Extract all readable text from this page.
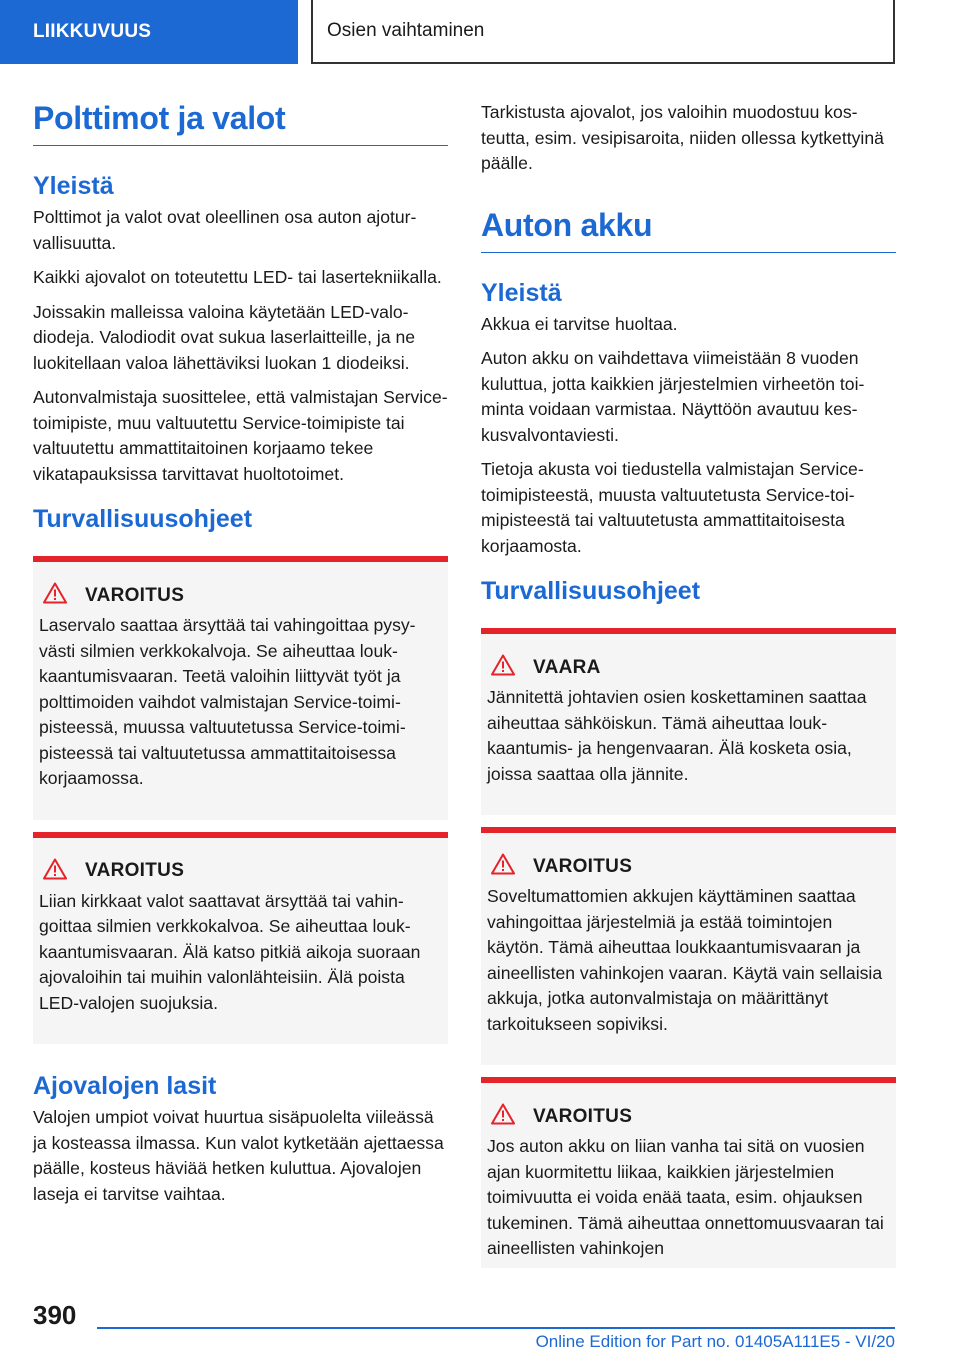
LIIKKUVUUS	Osien vaihtaminen
Polttimot ja valot
Yleistä

Polttimot ja valot ovat oleellinen osa auton ajoturvallisuutta.

Kaikki ajovalot on toteutettu LED- tai lasertekniikalla.

Joissakin malleissa valoina käytetään LED-valodiodeja. Valodiodit ovat sukua laserlaitteille, ja ne luokitellaan valoa lähettäviksi luokan 1 diodeiksi.

Autonvalmistaja suosittelee, että valmistajan Service-toimipiste, muu valtuutettu Service-toimipiste tai valtuutettu ammattitaitoinen korjaamo tekee vikatapauksissa tarvittavat huoltotoimet.

Turvallisuusohjeet
VAROITUS
Laservalo saattaa ärsyttää tai vahingoittaa pysyvästi silmien verkkokalvoja. Se aiheuttaa loukkaantumisvaaran. Teetä valoihin liittyvät työt ja polttimoiden vaihdot valmistajan Service-toimipisteessä, muussa valtuutetussa Service-toimipisteessä tai valtuutetussa ammattitaitoisessa korjaamossa.
VAROITUS
Liian kirkkaat valot saattavat ärsyttää tai vahingoittaa silmien verkkokalvoa. Se aiheuttaa loukkaantumisvaaran. Älä katso pitkiä aikoja suoraan ajovaloihin tai muihin valonlähteisiin. Älä poista LED-valojen suojuksia.
Ajovalojen lasit

Valojen umpiot voivat huurtua sisäpuolelta viileässä ja kosteassa ilmassa. Kun valot kytketään ajettaessa päälle, kosteus häviää hetken kuluttua. Ajovalojen laseja ei tarvitse vaihtaa.

Tarkistusta ajovalot, jos valoihin muodostuu kosteutta, esim. vesipisaroita, niiden ollessa kytkettyinä päälle.

Auton akku
Yleistä

Akkua ei tarvitse huoltaa.

Auton akku on vaihdettava viimeistään 8 vuoden kuluttua, jotta kaikkien järjestelmien virheetön toiminta voidaan varmistaa. Näyttöön avautuu keskusvalvontaviesti.

Tietoja akusta voi tiedustella valmistajan Service-toimipisteestä, muusta valtuutetusta Service-toimipisteestä tai valtuutetusta ammattitaitoisesta korjaamosta.

Turvallisuusohjeet
VAARA
Jännitettä johtavien osien koskettaminen saattaa aiheuttaa sähköiskun. Tämä aiheuttaa loukkaantumis- ja hengenvaaran. Älä kosketa osia, joissa saattaa olla jännite.
VAROITUS
Soveltumattomien akkujen käyttäminen saattaa vahingoittaa järjestelmiä ja estää toimintojen käytön. Tämä aiheuttaa loukkaantumisvaaran ja aineellisten vahinkojen vaaran. Käytä vain sellaisia akkuja, jotka autonvalmistaja on määrittänyt tarkoitukseen sopiviksi.
VAROITUS
Jos auton akku on liian vanha tai sitä on vuosien ajan kuormitettu liikaa, kaikkien järjestelmien toimivuutta ei voida enää taata, esim. ohjauksen tukeminen. Tämä aiheuttaa onnettomuusvaaran tai aineellisten vahinkojen
390
Online Edition for Part no. 01405A111E5 - VI/20
